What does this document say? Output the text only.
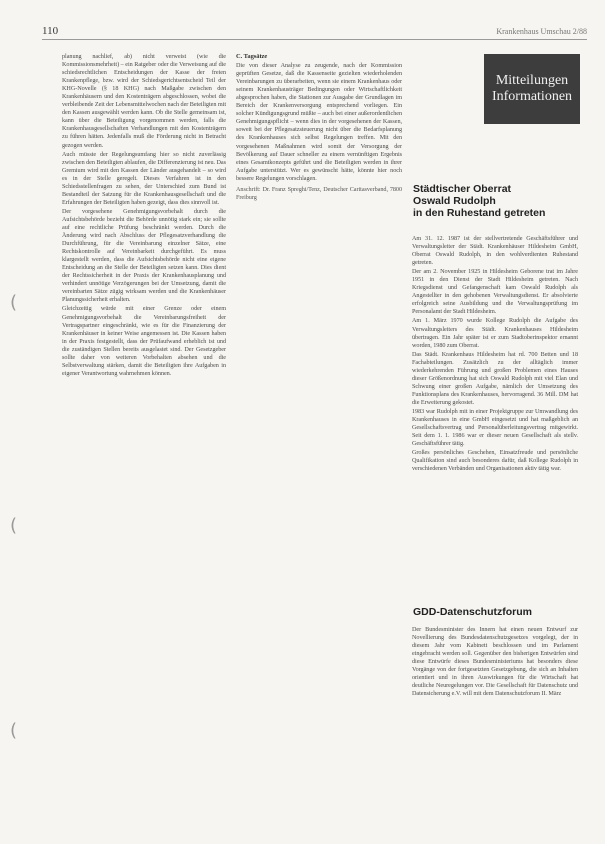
110	Krankenhaus Umschau 2/88
(
(
(

planung nachlief, ab) nicht verweist (wie die Kommissionsmehrheit) – ein Ratgeber oder die Verweisung auf die schiedsrechtlichen Entscheidungen der Kasse der freien Krankenpflege, bzw. wird der Schiedsgerichtsentscheid Teil der KHG-Novelle (§ 18 KHG) nach Maßgabe zwischen den Krankenhäusern und den Kostenträgern abgeschlossen, wobei die verbleibende Zeit der Lebensmittelwochen nach der Beteiligten mit den Kassen ausgewählt werden kann. Ob die Stelle gemeinsam ist, kann über die Beteiligung vorgenommen werden, falls die Krankenhausgesellschaften Verhandlungen mit den Kostenträgern zu führen hätten. Jedenfalls muß die Förderung nicht in Betracht gezogen werden.

Auch müsste der Regelungsumfang hier so nicht zuverlässig zwischen den Beteiligten ablaufen, die Differenzierung ist neu. Das Gremium wird mit den Kassen der Länder ausgehandelt – so wird es in der Stelle geregelt. Dieses Verfahren ist in den Schiedsstellenfragen zu sehen, der Unterschied zum Bund ist Bestandteil der Satzung für die Krankenhausgesellschaft und die Erfahrungen der Beteiligten haben gezeigt, dass dies sinnvoll ist.

Der vorgesehene Genehmigungsvorbehalt durch die Aufsichtsbehörde bezieht die Behörde unnötig stark ein; sie sollte auf eine rechtliche Prüfung beschränkt werden. Durch die Änderung wird nach Abschluss der Pflegesatzverhandlung die Durchführung, für die Vereinbarung einzelner Sätze, eine Rechtskontrolle auf Vereinbarkeit durchgeführt. Es muss klargestellt werden, dass die Aufsichtsbehörde nicht eine eigene Entscheidung an die Stelle der Beteiligten setzen kann. Dies dient der Rechtssicherheit in der Praxis der Krankenhausplanung und verhindert unnötige Verzögerungen bei der Umsetzung, damit die vereinbarten Sätze zügig wirksam werden und die Krankenhäuser Planungssicherheit erhalten.

Gleichzeitig würde mit einer Grenze oder einem Genehmigungsvorbehalt die Vereinbarungsfreiheit der Vertragspartner eingeschränkt, wie es für die Finanzierung der Krankenhäuser in keiner Weise angemessen ist. Die Kassen haben in der Praxis festgestellt, dass der Prüfaufwand erheblich ist und die zuständigen Stellen bereits ausgelastet sind. Der Gesetzgeber sollte daher von weiteren Vorbehalten absehen und die Selbstverwaltung stärken, damit die Beteiligten ihre Aufgaben in eigener Verantwortung wahrnehmen können.

C. Tagsätze

Die von dieser Analyse zu zeugende, nach der Kommission geprüften Gesetze, daß die Kassenseite gezielten wiederholenden Vereinbarungen zu überarbeiten, wenn sie einem Krankenhaus oder seinem Krankenhausträger Bedingungen oder Wirtschaftlichkeit abgesprochen haben, die Stationen zur Ausgabe der Grundlagen im Bereich der Krankenversorgung entsprechend vorliegen. Ein solcher Kündigungsgrund müßte – auch bei einer außerordentlichen Genehmigungspflicht – wenn dies in der vorgesehenen der Kassen, soweit bei der Pflegesatzsteuerung nicht über die Bedarfsplanung des Krankenhauses sich selbst Regelungen treffen. Mit den vorgesehenen Maßnahmen wird somit der Versorgung der Bevölkerung auf Dauer schneller zu einem vernünftigen Ergebnis eines Gesamtkonzepts geführt und die Beteiligten werden in ihrer Aufgabe unterstützt. Wer es gewünscht hätte, könnte hier noch bessere Regelungen vorschlagen.

Anschrift: Dr. Franz Spreghi/Tenz, Deutscher Caritasverband, 7800 Freiburg

Mitteilungen
Informationen
Städtischer Oberrat
Oswald Rudolph
in den Ruhestand getreten

Am 31. 12. 1987 ist der stellvertretende Geschäftsführer und Verwaltungsleiter der Städt. Krankenhäuser Hildesheim GmbH, Oberrat Oswald Rudolph, in den wohlverdienten Ruhestand getreten.

Der am 2. November 1925 in Hildesheim Geborene trat im Jahre 1951 in den Dienst der Stadt Hildesheim getreten. Nach Kriegsdienst und Gefangenschaft kam Oswald Rudolph als Angestellter in den gehobenen Verwaltungsdienst. Er absolvierte erfolgreich seine Ausbildung und die Verwaltungsprüfung im Personalamt der Stadt Hildesheim.

Am 1. März 1970 wurde Kollege Rudolph die Aufgabe des Verwaltungsleiters des Städt. Krankenhauses Hildesheim übertragen. Ein Jahr später ist er zum Stadtoberinspektor ernannt worden, 1980 zum Oberrat.

Das Städt. Krankenhaus Hildesheim hat rd. 700 Betten und 18 Fachabteilungen. Zusätzlich zu der alltäglich immer wiederkehrenden Führung und großen Problemen eines Hauses dieser Größenordnung hat sich Oswald Rudolph mit viel Elan und Schwung einer großen Aufgabe, nämlich der Umsetzung des Funktionsplans des Krankenhauses, hervorragend. 36 Mill. DM hat die Erweiterung gekostet.

1983 war Rudolph mit in einer Projektgruppe zur Umwandlung des Krankenhauses in eine GmbH eingesetzt und hat maßgeblich an Gesellschaftsvertrag und Personalüberleitungsvertrag mitgewirkt. Seit dem 1. 1. 1986 war er dieser neuen Gesellschaft als stellv. Geschäftsführer tätig.

Großes persönliches Geschehen, Einsatzfreude und persönliche Qualifikation sind auch besonderes dafür, daß Kollege Rudolph in verschiedenen Verbänden und Organisationen aktiv tätig war.

GDD-Datenschutzforum

Der Bundesminister des Innern hat einen neuen Entwurf zur Novellierung des Bundesdatenschutzgesetzes vorgelegt, der in diesem Jahr vom Kabinett beschlossen und im Parlament eingebracht werden soll. Gegenüber den bisherigen Entwürfen sind diese Entwürfe dieses Bundesministeriums hat besonders diese Vorgänge von der fortgesetzten Gesetzgebung, die sich an Inhalten orientiert und in ihren Auswirkungen für die Wirtschaft hat deutliche Neuregelungen vor. Die Gesellschaft für Datenschutz und Datensicherung e.V. will mit dem Datenschutzforum II. März
